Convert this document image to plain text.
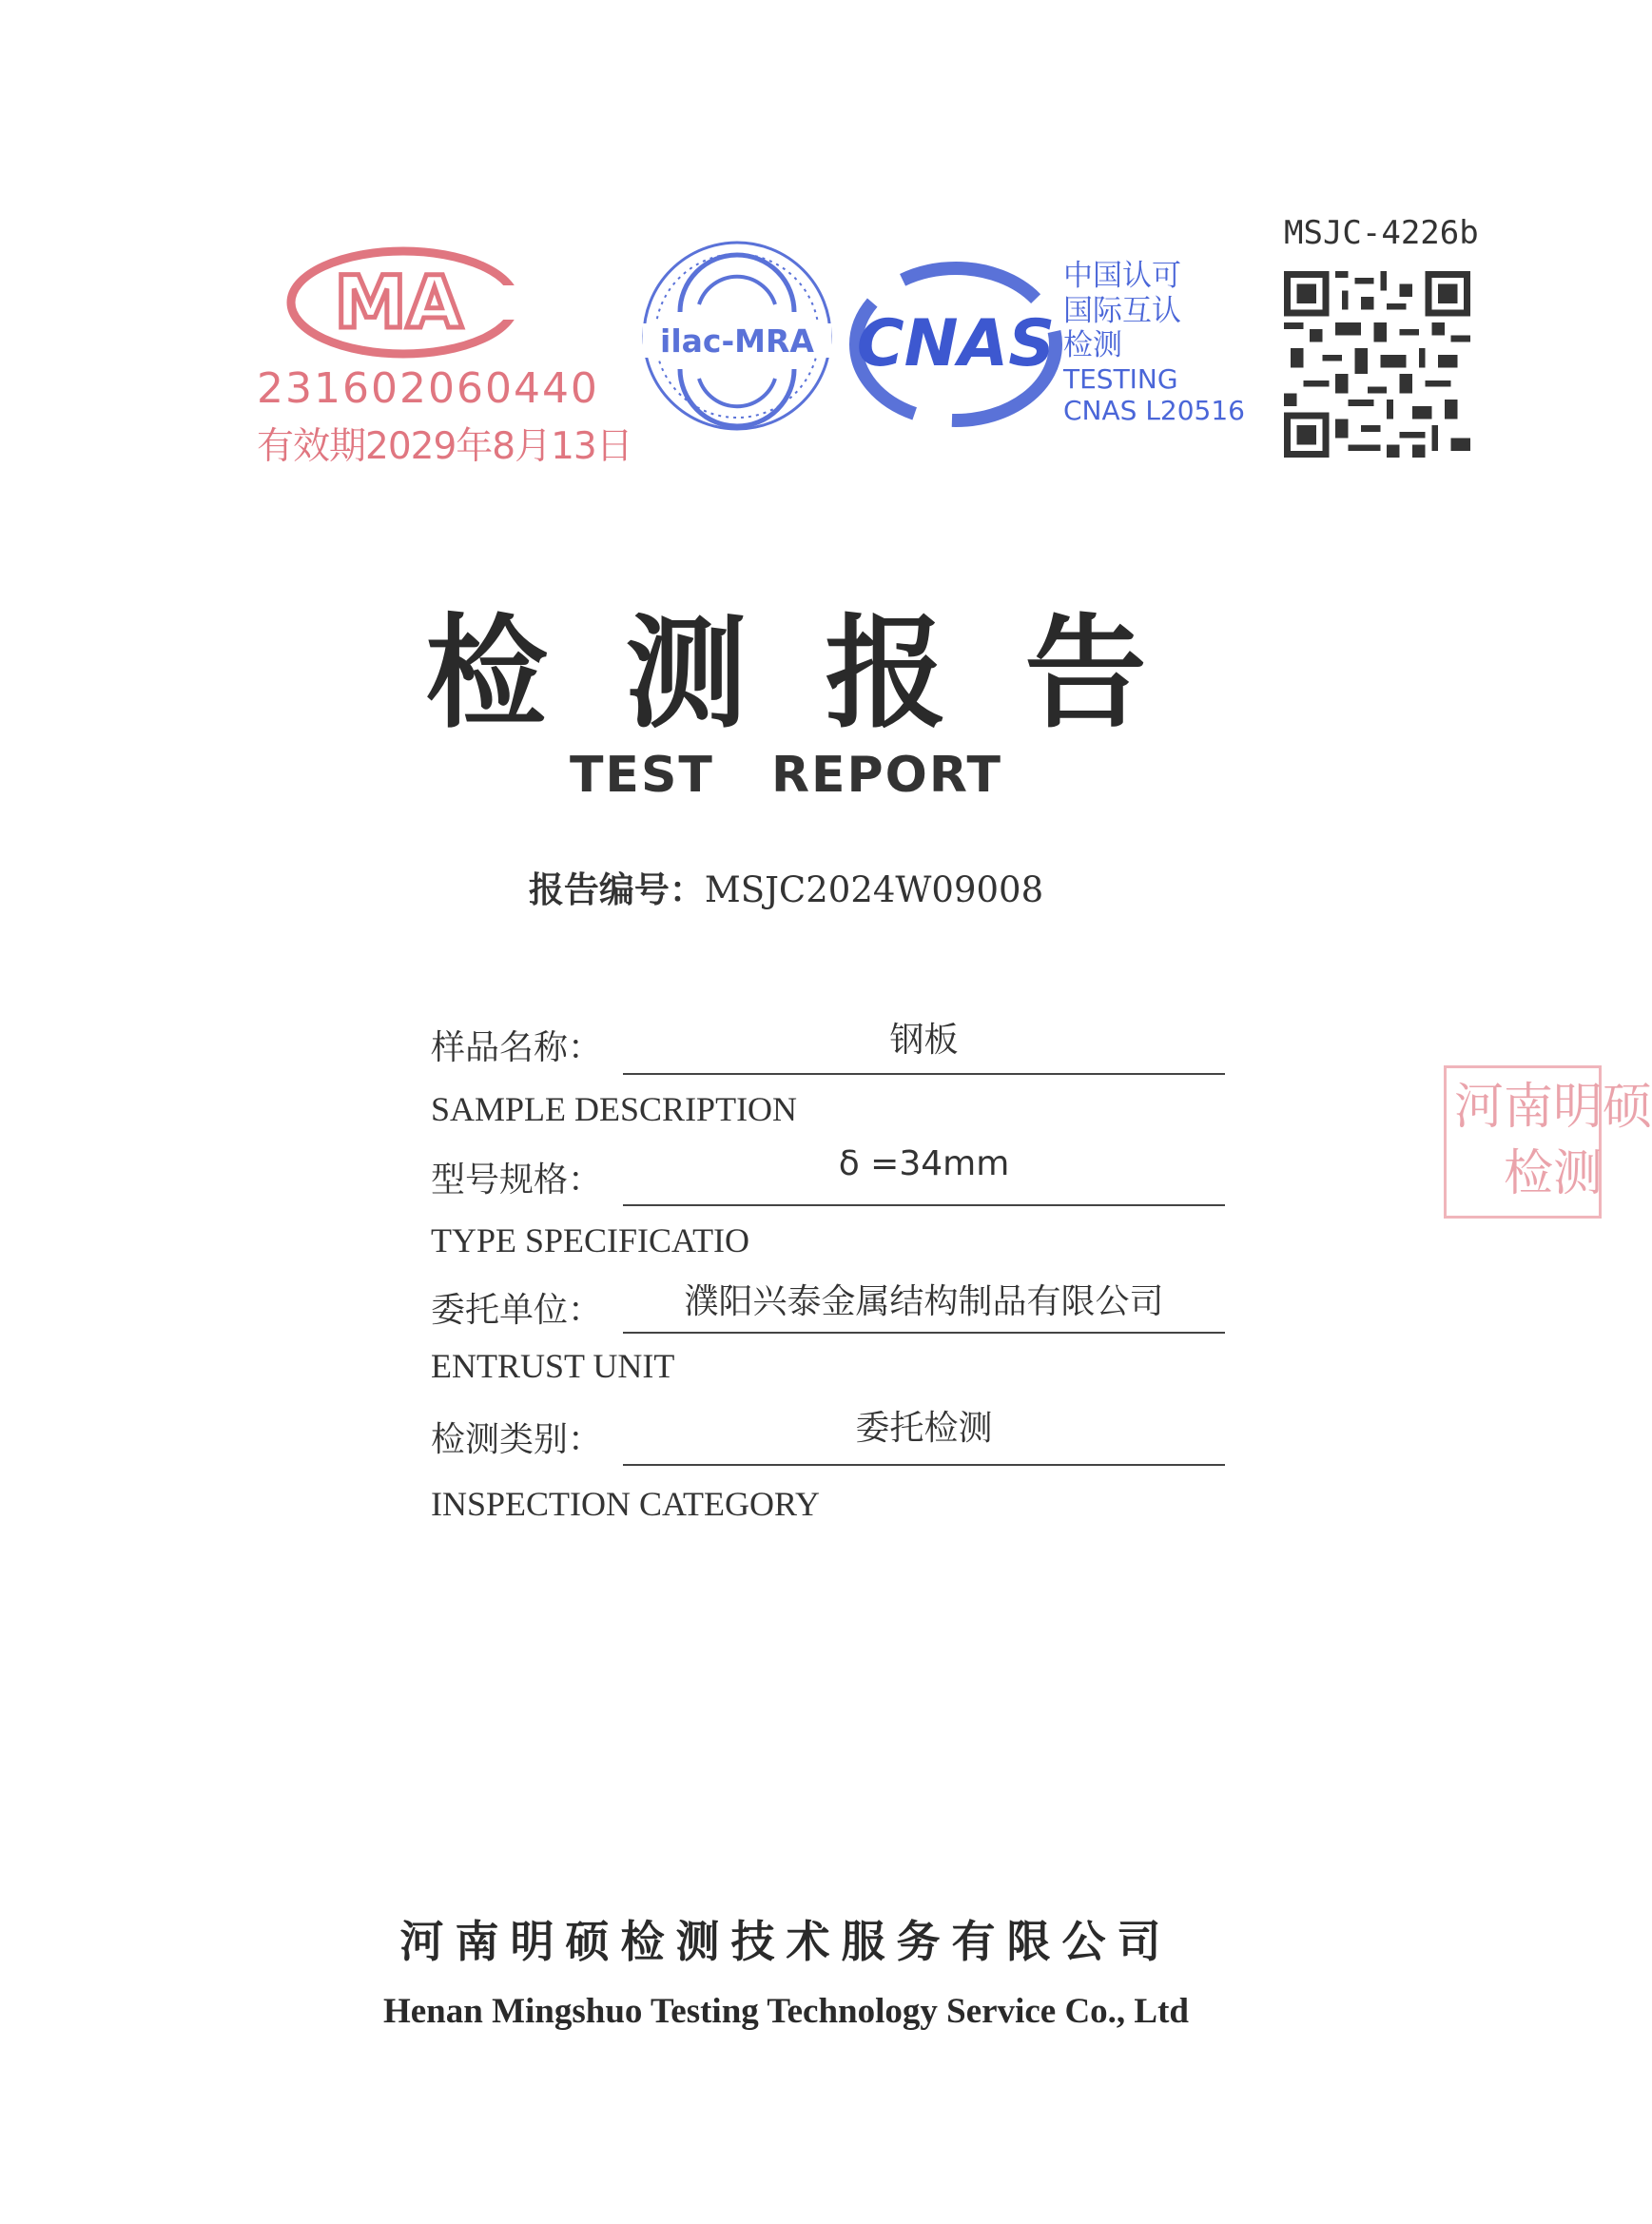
MA
231602060440
有效期2029年8月13日
ilac-MRA CNAS
中国认可
国际互认
检测
TESTING
CNAS L20516
MSJC-4226b
检测报告
TEST REPORT
报告编号：MSJC2024W09008
样品名称：	钢板
SAMPLE DESCRIPTION
型号规格：	δ =34mm
TYPE SPECIFICATIO
委托单位：	濮阳兴泰金属结构制品有限公司
ENTRUST UNIT
检测类别：	委托检测
INSPECTION CATEGORY
河南明硕
检测
河南明硕检测技术服务有限公司
Henan Mingshuo Testing Technology Service Co., Ltd
